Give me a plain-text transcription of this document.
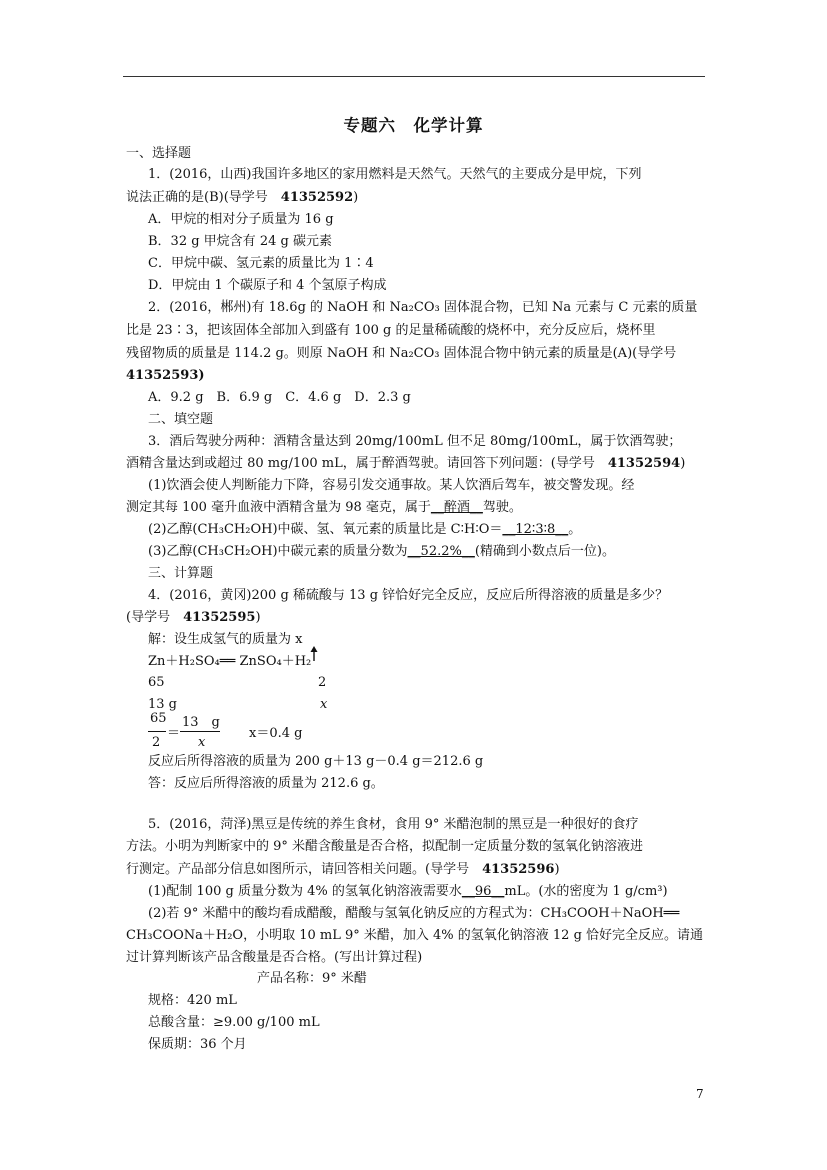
专题六　化学计算
一、选择题
1．(2016，山西)我国许多地区的家用燃料是天然气。天然气的主要成分是甲烷，下列
说法正确的是(B)(导学号　41352592)
A．甲烷的相对分子质量为 16 g
B．32 g 甲烷含有 24 g 碳元素
C．甲烷中碳、氢元素的质量比为 1∶4
D．甲烷由 1 个碳原子和 4 个氢原子构成
2．(2016，郴州)有 18.6g 的 NaOH 和 Na₂CO₃ 固体混合物，已知 Na 元素与 C 元素的质量
比是 23∶3，把该固体全部加入到盛有 100 g 的足量稀硫酸的烧杯中，充分反应后，烧杯里
残留物质的质量是 114.2 g。则原 NaOH 和 Na₂CO₃ 固体混合物中钠元素的质量是(A)(导学号
41352593)
A．9.2 g　B．6.9 g　C．4.6 g　D．2.3 g
二、填空题
3．酒后驾驶分两种：酒精含量达到 20mg/100mL 但不足 80mg/100mL，属于饮酒驾驶；
酒精含量达到或超过 80 mg/100 mL，属于醉酒驾驶。请回答下列问题：(导学号　41352594)
(1)饮酒会使人判断能力下降，容易引发交通事故。某人饮酒后驾车，被交警发现。经
测定其每 100 毫升血液中酒精含量为 98 毫克，属于__醉酒__驾驶。
(2)乙醇(CH₃CH₂OH)中碳、氢、氧元素的质量比是 C∶H∶O＝__12∶3∶8__。
(3)乙醇(CH₃CH₂OH)中碳元素的质量分数为__52.2%__(精确到小数点后一位)。
三、计算题
4．(2016，黄冈)200 g 稀硫酸与 13 g 锌恰好完全反应，反应后所得溶液的质量是多少？
(导学号　41352595)
解：设生成氢气的质量为 x
Zn＋H₂SO₄══ ZnSO₄＋H₂
65	2
13 g	x
65
2
＝
13　g
x
x＝0.4 g
反应后所得溶液的质量为 200 g＋13 g－0.4 g＝212.6 g
答：反应后所得溶液的质量为 212.6 g。
5．(2016，菏泽)黑豆是传统的养生食材，食用 9° 米醋泡制的黑豆是一种很好的食疗
方法。小明为判断家中的 9° 米醋含酸量是否合格，拟配制一定质量分数的氢氧化钠溶液进
行测定。产品部分信息如图所示，请回答相关问题。(导学号　41352596)
(1)配制 100 g 质量分数为 4% 的氢氧化钠溶液需要水__96__mL。(水的密度为 1 g/cm³)
(2)若 9° 米醋中的酸均看成醋酸，醋酸与氢氧化钠反应的方程式为：CH₃COOH＋NaOH══
CH₃COONa＋H₂O，小明取 10 mL 9° 米醋，加入 4% 的氢氧化钠溶液 12 g 恰好完全反应。请通
过计算判断该产品含酸量是否合格。(写出计算过程)
产品名称：9° 米醋
规格：420 mL
总酸含量：≥9.00 g/100 mL
保质期：36 个月
7
